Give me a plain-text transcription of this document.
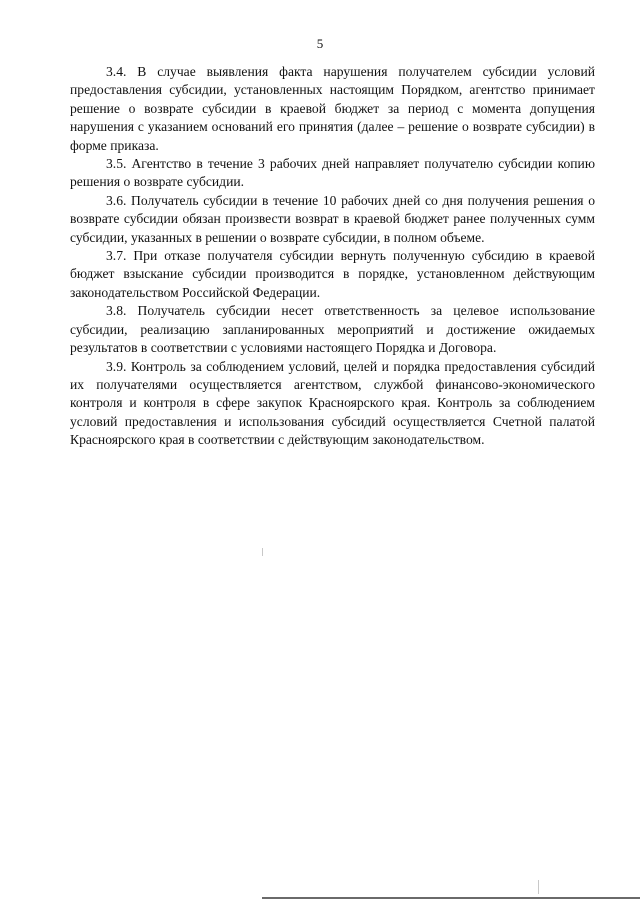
5

3.4. В случае выявления факта нарушения получателем субсидии условий предоставления субсидии, установленных настоящим Порядком, агентство принимает решение о возврате субсидии в краевой бюджет за период с момента допущения нарушения с указанием оснований его принятия (далее – решение о возврате субсидии) в форме приказа.

3.5. Агентство в течение 3 рабочих дней направляет получателю субсидии копию решения о возврате субсидии.

3.6. Получатель субсидии в течение 10 рабочих дней со дня получения решения о возврате субсидии обязан произвести возврат в краевой бюджет ранее полученных сумм субсидии, указанных в решении о возврате субсидии, в полном объеме.

3.7. При отказе получателя субсидии вернуть полученную субсидию в краевой бюджет взыскание субсидии производится в порядке, установленном действующим законодательством Российской Федерации.

3.8. Получатель субсидии несет ответственность за целевое использование субсидии, реализацию запланированных мероприятий и достижение ожидаемых результатов в соответствии с условиями настоящего Порядка и Договора.

3.9. Контроль за соблюдением условий, целей и порядка предоставления субсидий их получателями осуществляется агентством, службой финансово-экономического контроля и контроля в сфере закупок Красноярского края. Контроль за соблюдением условий предоставления и использования субсидий осуществляется Счетной палатой Красноярского края в соответствии с действующим законодательством.
